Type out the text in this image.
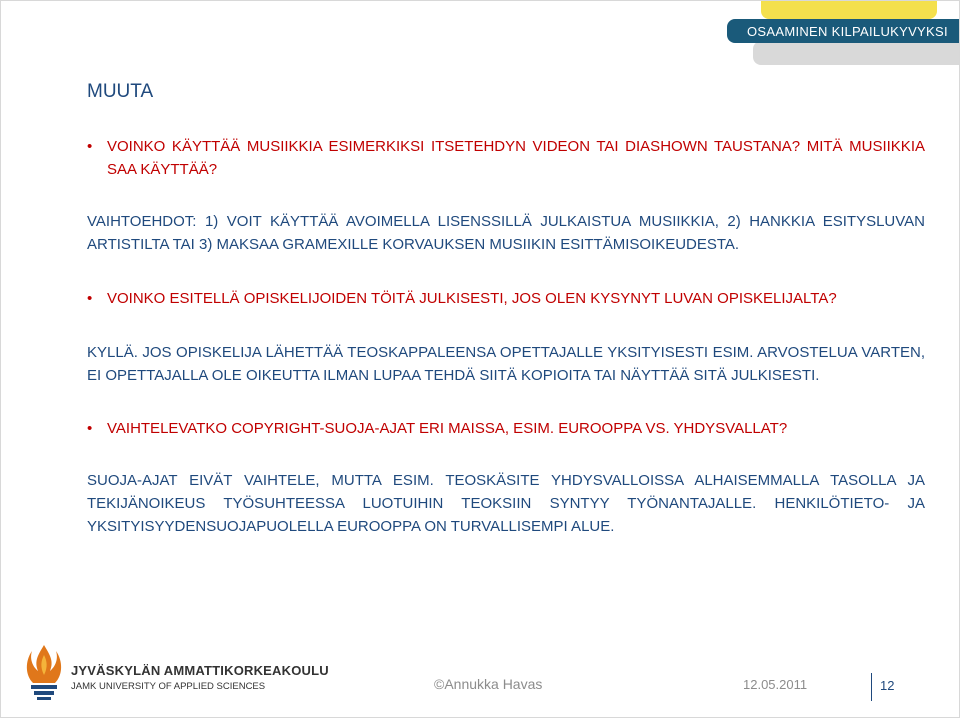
OSAAMINEN KILPAILUKYVYKSI
MUUTA
• VOINKO KÄYTTÄÄ MUSIIKKIA ESIMERKIKSI ITSETEHDYN VIDEON TAI DIASHOWN TAUSTANA? MITÄ MUSIIKKIA SAA KÄYTTÄÄ?
VAIHTOEHDOT: 1) VOIT KÄYTTÄÄ AVOIMELLA LISENSSILLÄ JULKAISTUA MUSIIKKIA, 2) HANKKIA ESITYSLUVAN ARTISTILTA TAI 3) MAKSAA GRAMEXILLE KORVAUKSEN MUSIIKIN ESITTÄMISOIKEUDESTA.
• VOINKO ESITELLÄ OPISKELIJOIDEN TÖITÄ JULKISESTI, JOS OLEN KYSYNYT LUVAN OPISKELIJALTA?
KYLLÄ. JOS OPISKELIJA LÄHETTÄÄ TEOSKAPPALEENSA OPETTAJALLE YKSITYISESTI ESIM. ARVOSTELUA VARTEN, EI OPETTAJALLA OLE OIKEUTTA ILMAN LUPAA TEHDÄ SIITÄ KOPIOITA TAI NÄYTTÄÄ SITÄ JULKISESTI.
• VAIHTELEVATKO COPYRIGHT-SUOJA-AJAT ERI MAISSA, ESIM. EUROOPPA VS. YHDYSVALLAT?
SUOJA-AJAT EIVÄT VAIHTELE, MUTTA ESIM. TEOSKÄSITE YHDYSVALLOISSA ALHAISEMMALLA TASOLLA JA TEKIJÄNOIKEUS TYÖSUHTEESSA LUOTUIHIN TEOKSIIN SYNTYY TYÖNANTAJALLE. HENKILÖTIETO- JA YKSITYISYYDENSUOJAPUOLELLA EUROOPPA ON TURVALLISEMPI ALUE.
JYVÄSKYLÄN AMMATTIKORKEAKOULU
JAMK UNIVERSITY OF APPLIED SCIENCES	©Annukka Havas	12.05.2011	12
